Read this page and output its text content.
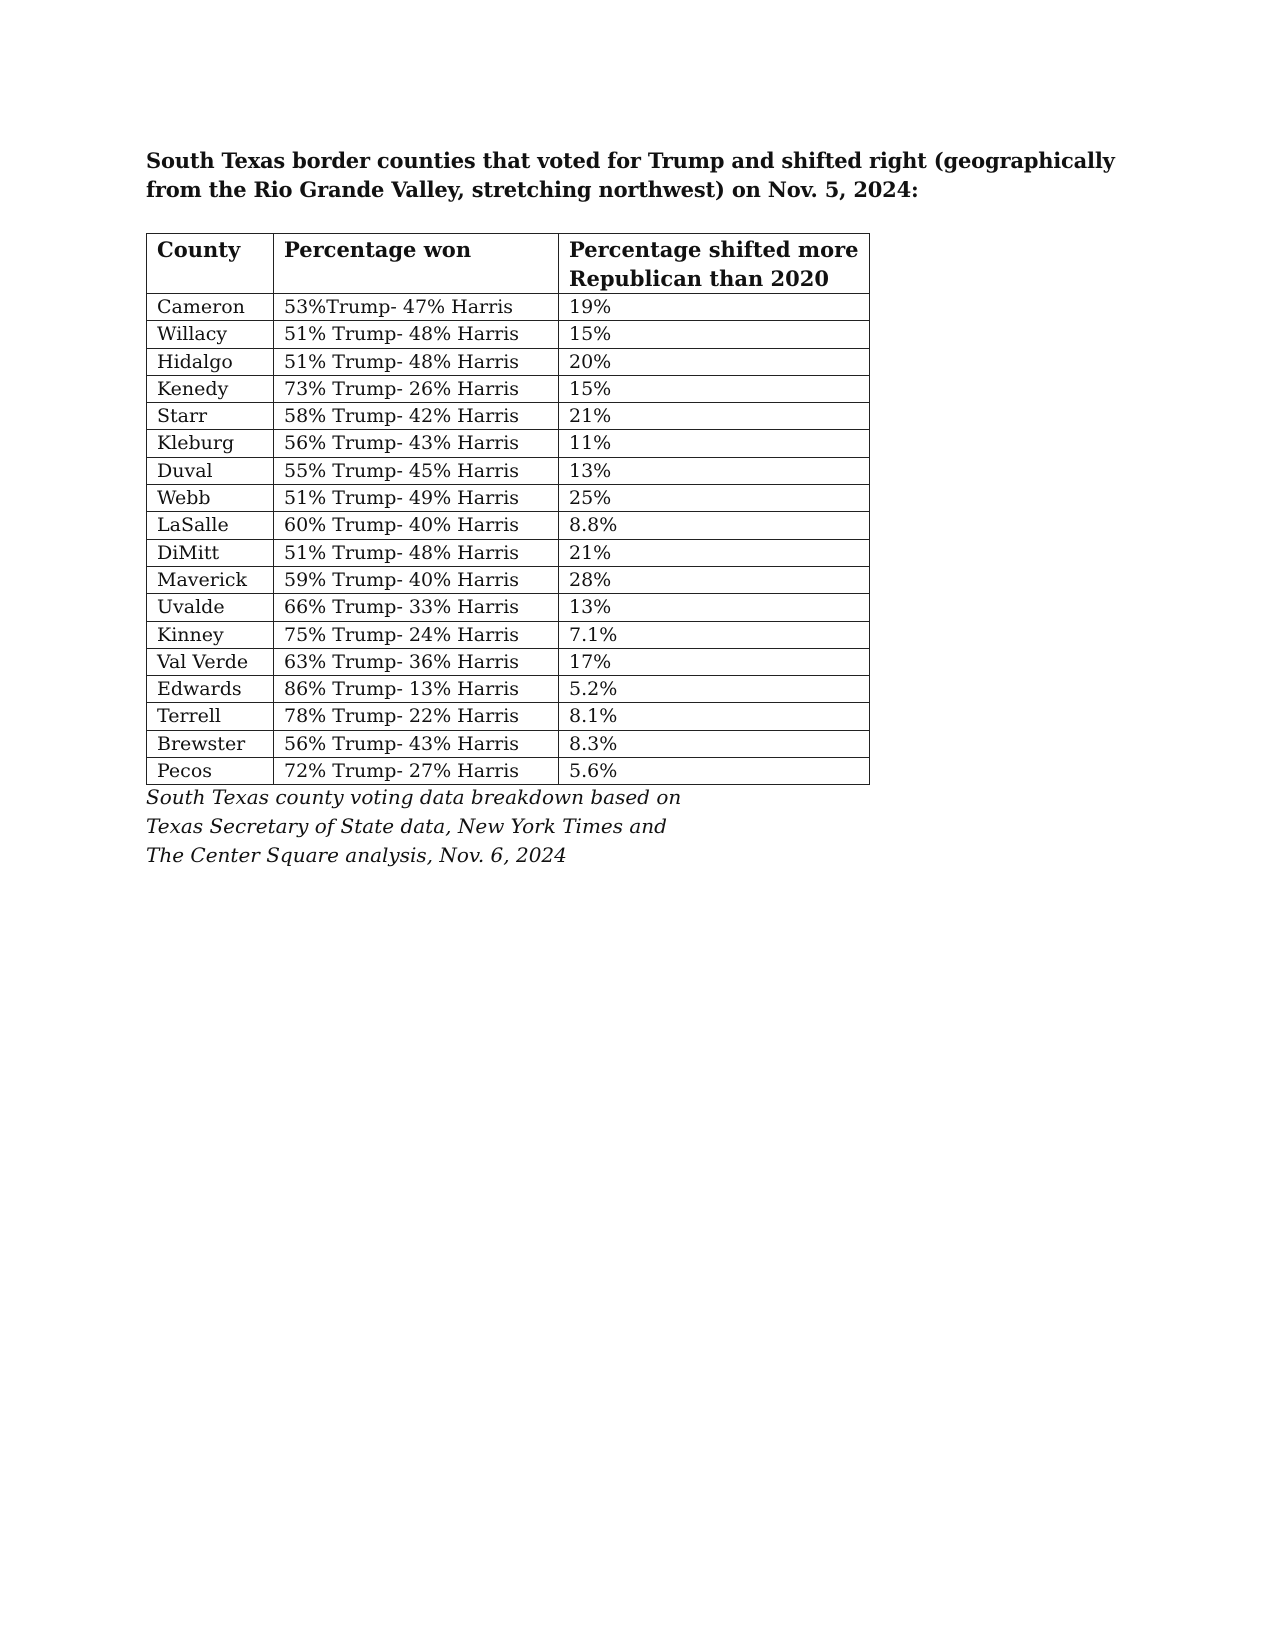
South Texas border counties that voted for Trump and shifted right (geographically
from the Rio Grande Valley, stretching northwest) on Nov. 5, 2024:
County	Percentage won	Percentage shifted more
Republican than 2020

Cameron	53%Trump- 47% Harris	19%
Willacy	51% Trump- 48% Harris	15%
Hidalgo	51% Trump- 48% Harris	20%
Kenedy	73% Trump- 26% Harris	15%
Starr	58% Trump- 42% Harris	21%
Kleburg	56% Trump- 43% Harris	11%
Duval	55% Trump- 45% Harris	13%
Webb	51% Trump- 49% Harris	25%
LaSalle	60% Trump- 40% Harris	8.8%
DiMitt	51% Trump- 48% Harris	21%
Maverick	59% Trump- 40% Harris	28%
Uvalde	66% Trump- 33% Harris	13%
Kinney	75% Trump- 24% Harris	7.1%
Val Verde	63% Trump- 36% Harris	17%
Edwards	86% Trump- 13% Harris	5.2%
Terrell	78% Trump- 22% Harris	8.1%
Brewster	56% Trump- 43% Harris	8.3%
Pecos	72% Trump- 27% Harris	5.6%
South Texas county voting data breakdown based on
Texas Secretary of State data, New York Times and
The Center Square analysis, Nov. 6, 2024
